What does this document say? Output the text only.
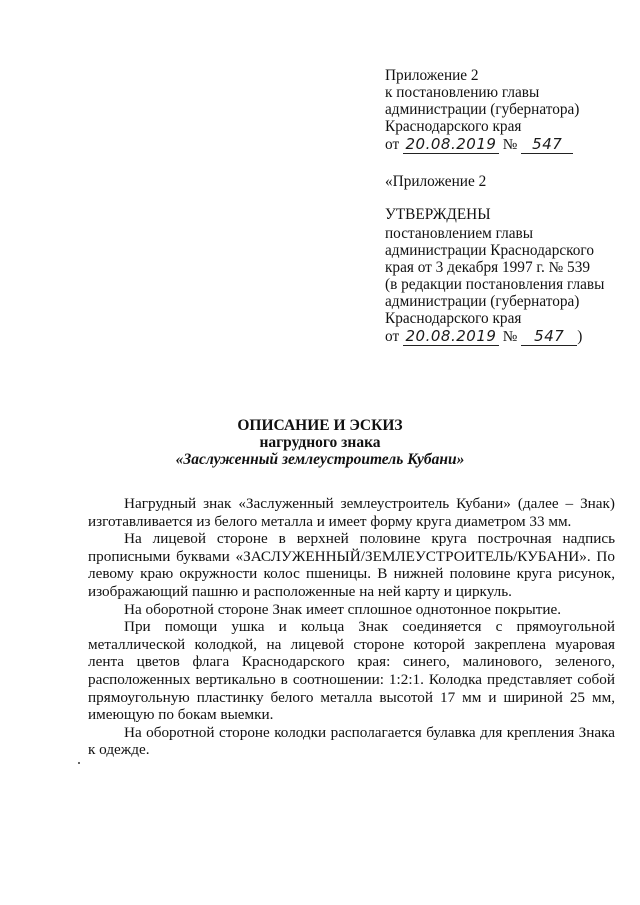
Приложение 2
к постановлению главы
администрации (губернатора)
Краснодарского края
от 20.08.2019 № 547
«Приложение 2
УТВЕРЖДЕНЫ
постановлением главы
администрации Краснодарского
края от 3 декабря 1997 г. № 539
(в редакции постановления главы
администрации (губернатора)
Краснодарского края
от 20.08.2019 № 547 )
ОПИСАНИЕ И ЭСКИЗ
нагрудного знака
«Заслуженный землеустроитель Кубани»

Нагрудный знак «Заслуженный землеустроитель Кубани» (далее – Знак)
изготавливается из белого металла и имеет форму круга диаметром 33 мм.

На лицевой стороне в верхней половине круга построчная надпись
прописными буквами «ЗАСЛУЖЕННЫЙ/ЗЕМЛЕУСТРОИТЕЛЬ/КУБАНИ». По
левому краю окружности колос пшеницы. В нижней половине круга рисунок,
изображающий пашню и расположенные на ней карту и циркуль.

На оборотной стороне Знак имеет сплошное однотонное покрытие.

При помощи ушка и кольца Знак соединяется с прямоугольной
металлической колодкой, на лицевой стороне которой закреплена муаровая
лента цветов флага Краснодарского края: синего, малинового, зеленого,
расположенных вертикально в соотношении: 1:2:1. Колодка представляет собой
прямоугольную пластинку белого металла высотой 17 мм и шириной 25 мм,
имеющую по бокам выемки.

На оборотной стороне колодки располагается булавка для крепления Знака
к одежде.
